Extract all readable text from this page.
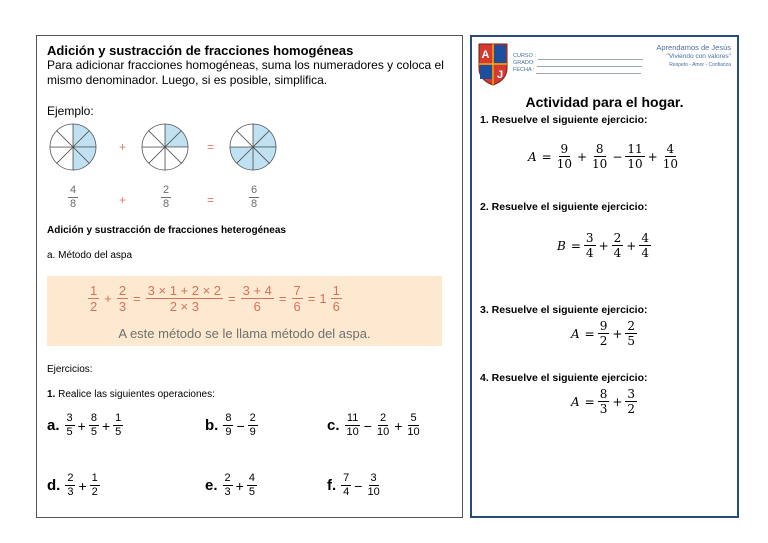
Adición y sustracción de fracciones homogéneas
Para adicionar fracciones homogéneas, suma los numeradores y coloca el mismo denominador. Luego, si es posible, simplifica.
Ejemplo:
+	=
$\frac{4}{8}$	+	$\frac{2}{8}$	=	$\frac{6}{8}$
Adición y sustracción de fracciones heterogéneas
a. Método del aspa
$\frac{1}{2} + \frac{2}{3} = \frac{3 \times 1 + 2 \times 2}{2 \times 3} = \frac{3 + 4}{6} = \frac{7}{6} = 1 \frac{1}{6}$
A este método se le llama método del aspa.
Ejercicios:
1. Realice las siguientes operaciones:
a. $\frac{3}{5} + \frac{8}{5} + \frac{1}{5}$	b. $\frac{8}{9} - \frac{2}{9}$	c. $\frac{11}{10} - \frac{2}{10} + \frac{5}{10}$
d. $\frac{2}{3} + \frac{1}{2}$	e. $\frac{2}{3} + \frac{4}{5}$	f. $\frac{7}{4} - \frac{3}{10}$
A
J
CURSO :
GRADO:
FECHA :
Aprendamos de Jesús
"Viviendo con valores"
Respeto - Amor - Confianza
Actividad para el hogar.
1. Resuelve el siguiente ejercicio:
$A = \frac{9}{10} + \frac{8}{10} - \frac{11}{10} + \frac{4}{10}$
2. Resuelve el siguiente ejercicio:
$B = \frac{3}{4} + \frac{2}{4} + \frac{4}{4}$
3. Resuelve el siguiente ejercicio:
$A = \frac{9}{2} + \frac{2}{5}$
4. Resuelve el siguiente ejercicio:
$A = \frac{8}{3} + \frac{3}{2}$
